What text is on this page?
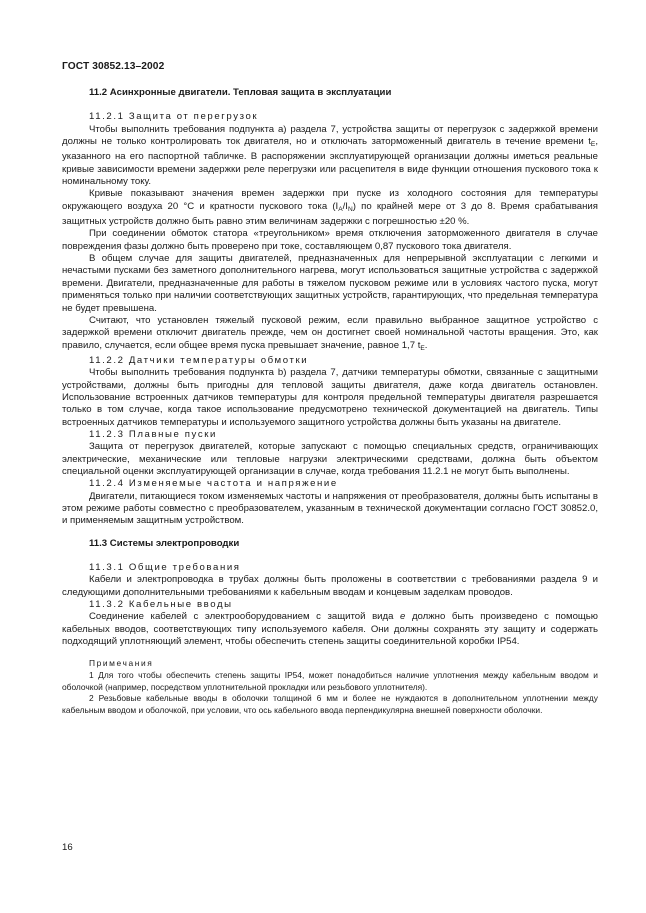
ГОСТ 30852.13–2002
11.2 Асинхронные двигатели. Тепловая защита в эксплуатации

11.2.1 Защита от перегрузок

Чтобы выполнить требования подпункта а) раздела 7, устройства защиты от перегрузок с задержкой времени должны не только контролировать ток двигателя, но и отключать заторможенный двигатель в течение времени $t_E$, указанного на его паспортной табличке. В распоряжении эксплуатирующей организации должны иметься реальные кривые зависимости времени задержки реле перегрузки или расцепителя в виде функции отношения пускового тока к номинальному току.

Кривые показывают значения времен задержки при пуске из холодного состояния для температуры окружающего воздуха 20 °С и кратности пускового тока $(I_A/I_N)$ по крайней мере от 3 до 8. Время срабатывания защитных устройств должно быть равно этим величинам задержки с погрешностью ±20 %.

При соединении обмоток статора «треугольником» время отключения заторможенного двигателя в случае повреждения фазы должно быть проверено при токе, составляющем 0,87 пускового тока двигателя.

В общем случае для защиты двигателей, предназначенных для непрерывной эксплуатации с легкими и нечастыми пусками без заметного дополнительного нагрева, могут использоваться защитные устройства с задержкой времени. Двигатели, предназначенные для работы в тяжелом пусковом режиме или в условиях частого пуска, могут применяться только при наличии соответствующих защитных устройств, гарантирующих, что предельная температура не будет превышена.

Считают, что установлен тяжелый пусковой режим, если правильно выбранное защитное устройство с задержкой времени отключит двигатель прежде, чем он достигнет своей номинальной частоты вращения. Это, как правило, случается, если общее время пуска превышает значение, равное 1,7 $t_E$.

11.2.2 Датчики температуры обмотки

Чтобы выполнить требования подпункта b) раздела 7, датчики температуры обмотки, связанные с защитными устройствами, должны быть пригодны для тепловой защиты двигателя, даже когда двигатель остановлен. Использование встроенных датчиков температуры для контроля предельной температуры двигателя разрешается только в том случае, когда такое использование предусмотрено технической документацией на двигатель. Типы встроенных датчиков температуры и используемого защитного устройства должны быть указаны на двигателе.

11.2.3 Плавные пуски

Защита от перегрузок двигателей, которые запускают с помощью специальных средств, ограничивающих электрические, механические или тепловые нагрузки электрическими средствами, должна быть объектом специальной оценки эксплуатирующей организации в случае, когда требования 11.2.1 не могут быть выполнены.

11.2.4 Изменяемые частота и напряжение

Двигатели, питающиеся током изменяемых частоты и напряжения от преобразователя, должны быть испытаны в этом режиме работы совместно с преобразователем, указанным в технической документации согласно ГОСТ 30852.0, и применяемым защитным устройством.

11.3 Системы электропроводки

11.3.1 Общие требования

Кабели и электропроводка в трубах должны быть проложены в соответствии с требованиями раздела 9 и следующими дополнительными требованиями к кабельным вводам и концевым заделкам проводов.

11.3.2 Кабельные вводы

Соединение кабелей с электрооборудованием с защитой вида е должно быть произведено с помощью кабельных вводов, соответствующих типу используемого кабеля. Они должны сохранять эту защиту и содержать подходящий уплотняющий элемент, чтобы обеспечить степень защиты соединительной коробки IP54.

Примечания

1 Для того чтобы обеспечить степень защиты IP54, может понадобиться наличие уплотнения между кабельным вводом и оболочкой (например, посредством уплотнительной прокладки или резьбового уплотнителя).

2 Резьбовые кабельные вводы в оболочки толщиной 6 мм и более не нуждаются в дополнительном уплотнении между кабельным вводом и оболочкой, при условии, что ось кабельного ввода перпендикулярна внешней поверхности оболочки.

16
